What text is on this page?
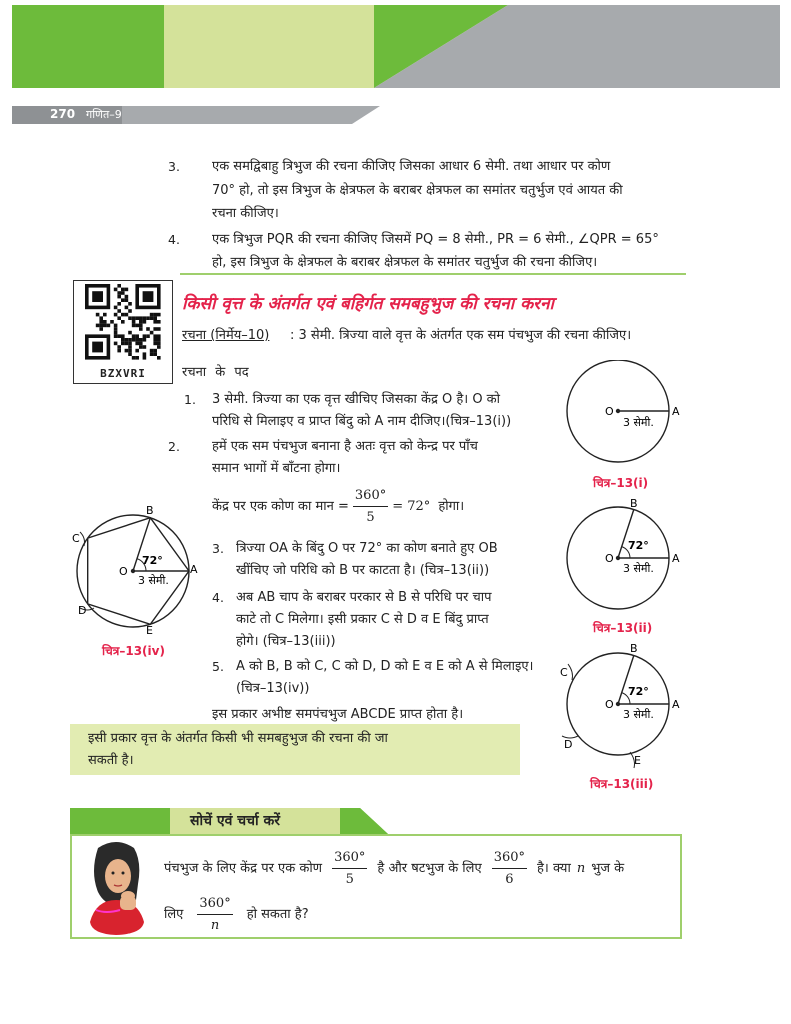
270 गणित–9
3. एक समद्विबाहु त्रिभुज की रचना कीजिए जिसका आधार 6 सेमी. तथा आधार पर कोण
70° हो, तो इस त्रिभुज के क्षेत्रफल के बराबर क्षेत्रफल का समांतर चतुर्भुज एवं आयत की
रचना कीजिए।
4. एक त्रिभुज PQR की रचना कीजिए जिसमें PQ = 8 सेमी., PR = 6 सेमी., ∠QPR = 65°
हो, इस त्रिभुज के क्षेत्रफल के बराबर क्षेत्रफल के समांतर चतुर्भुज की रचना कीजिए।
BZXVRI
किसी वृत्त के अंतर्गत एवं बहिर्गत समबहुभुज की रचना करना
रचना (निर्मेय–10) : 3 सेमी. त्रिज्या वाले वृत्त के अंतर्गत एक सम पंचभुज की रचना कीजिए।
रचना के पद
1. 3 सेमी. त्रिज्या का एक वृत्त खीचिए जिसका केंद्र O है। O को
परिधि से मिलाइए व प्राप्त बिंदु को A नाम दीजिए।(चित्र–13(i))
2. हमें एक सम पंचभुज बनाना है अतः वृत्त को केन्द्र पर पाँच
समान भागों में बाँटना होगा।
केंद्र पर एक कोण का मान = $\frac{360^\circ}{5} = 72^\circ$ होगा।
3. त्रिज्या OA के बिंदु O पर 72° का कोण बनाते हुए OB
खींचिए जो परिधि को B पर काटता है। (चित्र–13(ii))
4. अब AB चाप के बराबर परकार से B से परिधि पर चाप
काटे तो C मिलेगा। इसी प्रकार C से D व E बिंदु प्राप्त
होगे। (चित्र–13(iii))
5. A को B, B को C, C को D, D को E व E को A से मिलाइए।
(चित्र–13(iv))
इस प्रकार अभीष्ट समपंचभुज ABCDE प्राप्त होता है।
इसी प्रकार वृत्त के अंतर्गत किसी भी समबहुभुज की रचना की जा
सकती है।
O	A
3 सेमी.
चित्र–13(i)
O	A
B
72°
3 सेमी.
चित्र–13(ii)
O	A
B
C
D
E
72°
3 सेमी.
चित्र–13(iii)
O	A
B
C
D
E
72°
3 सेमी.
चित्र–13(iv)
सोचें एवं चर्चा करें
पंचभुज के लिए केंद्र पर एक कोण $\frac{360^\circ}{5}$ है और षटभुज के लिए $\frac{360^\circ}{6}$ है। क्या n भुज के
लिए $\frac{360^\circ}{n}$ हो सकता है?
